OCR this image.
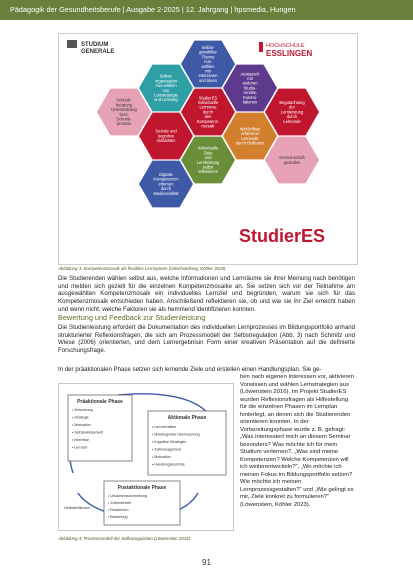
Pädagogik der Gesundheitsberufe | Ausgabe 2-2025 | 12. Jahrgang | hpsmedia, Hungen
STUDIUM
GENERALE
HOCHSCHULE
ESSLINGEN
Selbst-
gewählter
Thema
Aus-
wählen
von
Interessen
und Ideen
Selbst-
organisation
Aus-wählen
von
Lernstrategie
und Lernweg
Austausch
mit
anderen
Studie-
renden
Kommi-
lationen
Schreib-
beratung
Unterstützung
beim
Schreib-
prozess
StudierES
Individuelle
Lernreise
durch
den
Kompetenz-
mosaik
Begutachtung
der
Lernleistung
durch
Lehrende
Soziale und
kognitive
Aktivitäten
Wirklichkeit
erfahrend
Lernende
durch Reflexion
Individuelle
Ziele
und
Lernleistung
selbst
reflektieren
Gemeinschaft
gestalten
Digitale
Kompetenzen
erlernen
durch
Medienvielfalt
StudierES
Abbildung 3: Kompetenzmosaik als flexibles Lernsystem (Gleichstellung, Köhler 2020)

Die Studierenden wählen selbst aus, welche Informationen und Lernräume sie ihrer Meinung nach benötigen und melden sich gezielt für die einzelnen Kompetenzmosaike an. Sie setzen sich vor der Teilnahme am ausgewählten Kompetenzmosaik ein individuelles Lernziel und begründen, warum sie sich für das Kompetenzmosaik entschieden haben. Anschließend reflektieren sie, ob und wie sie ihr Ziel erreicht haben und wenn nicht, welche Faktoren sie als hemmend identifizieren konnten.

Bewertung und Feedback zur Studienleistung

Die Studienleistung erfordert die Dokumentation des individuellen Lernprozesses im Bildungsportfolio anhand strukturierter Reflexionsfragen, die sich am Prozessmodell der Selbstregulation (Abb. 3) nach Schmitz und Wiese (2006) orientierten, und dem Lernergebnisin Form einer kreativen Präsentation auf die definierte Forschungsfrage.

In der präaktionalen Phase setzen sich lernende Ziele und erstellen einen Handlungsplan. Sie ge-

hen nach eigenen Interessen vor, aktivieren Vorwissen und wählen Lernstrategien aus (Löwenstein 2016). Im Projekt StudierES wurden Reflexionsfragen als Hilfestellung für die einzelnen Phasen im Lernplan hinterlegt, an denen sich die Studierenden orientieren konnten. In der Vorbereitungsphase wurde z. B. gefragt: „Was interessiert mich an diesem Seminar besonders? Was möchte ich für mein Studium verlernen?, „Was sind meine Kompetenzen? Welche Kompetenzen will ich weiterentwickeln?“, „Wo möchte ich meinen Fokus im Bildungsportfolio setzen? Wie möchte ich meinen Lernprozessgestalten?“ und „Wie gelingt es mir, Ziele konkret zu formulieren?“ (Löwenstein, Köhler 2023).

Präaktionale Phase
• Zielsetzung
• Strategie
• Motivation
• Selbstwirksamkeit
• Interesse
• Lernzeit
Aktionale Phase
• Lernverhalten
• Metakognitive Überwachung
• Kognitive Strategien
• Zeitmanagement
• Motivation
• Handlungskontrolle
Postaktionale Phase
• Ursachenzuschreibung
• Zufriedenheit
• Reaktionen
• Bewertung
Selbstreflexion
Abbildung 4: Prozessmodell der Selbstregulation (Löwenstein 2016)
91
